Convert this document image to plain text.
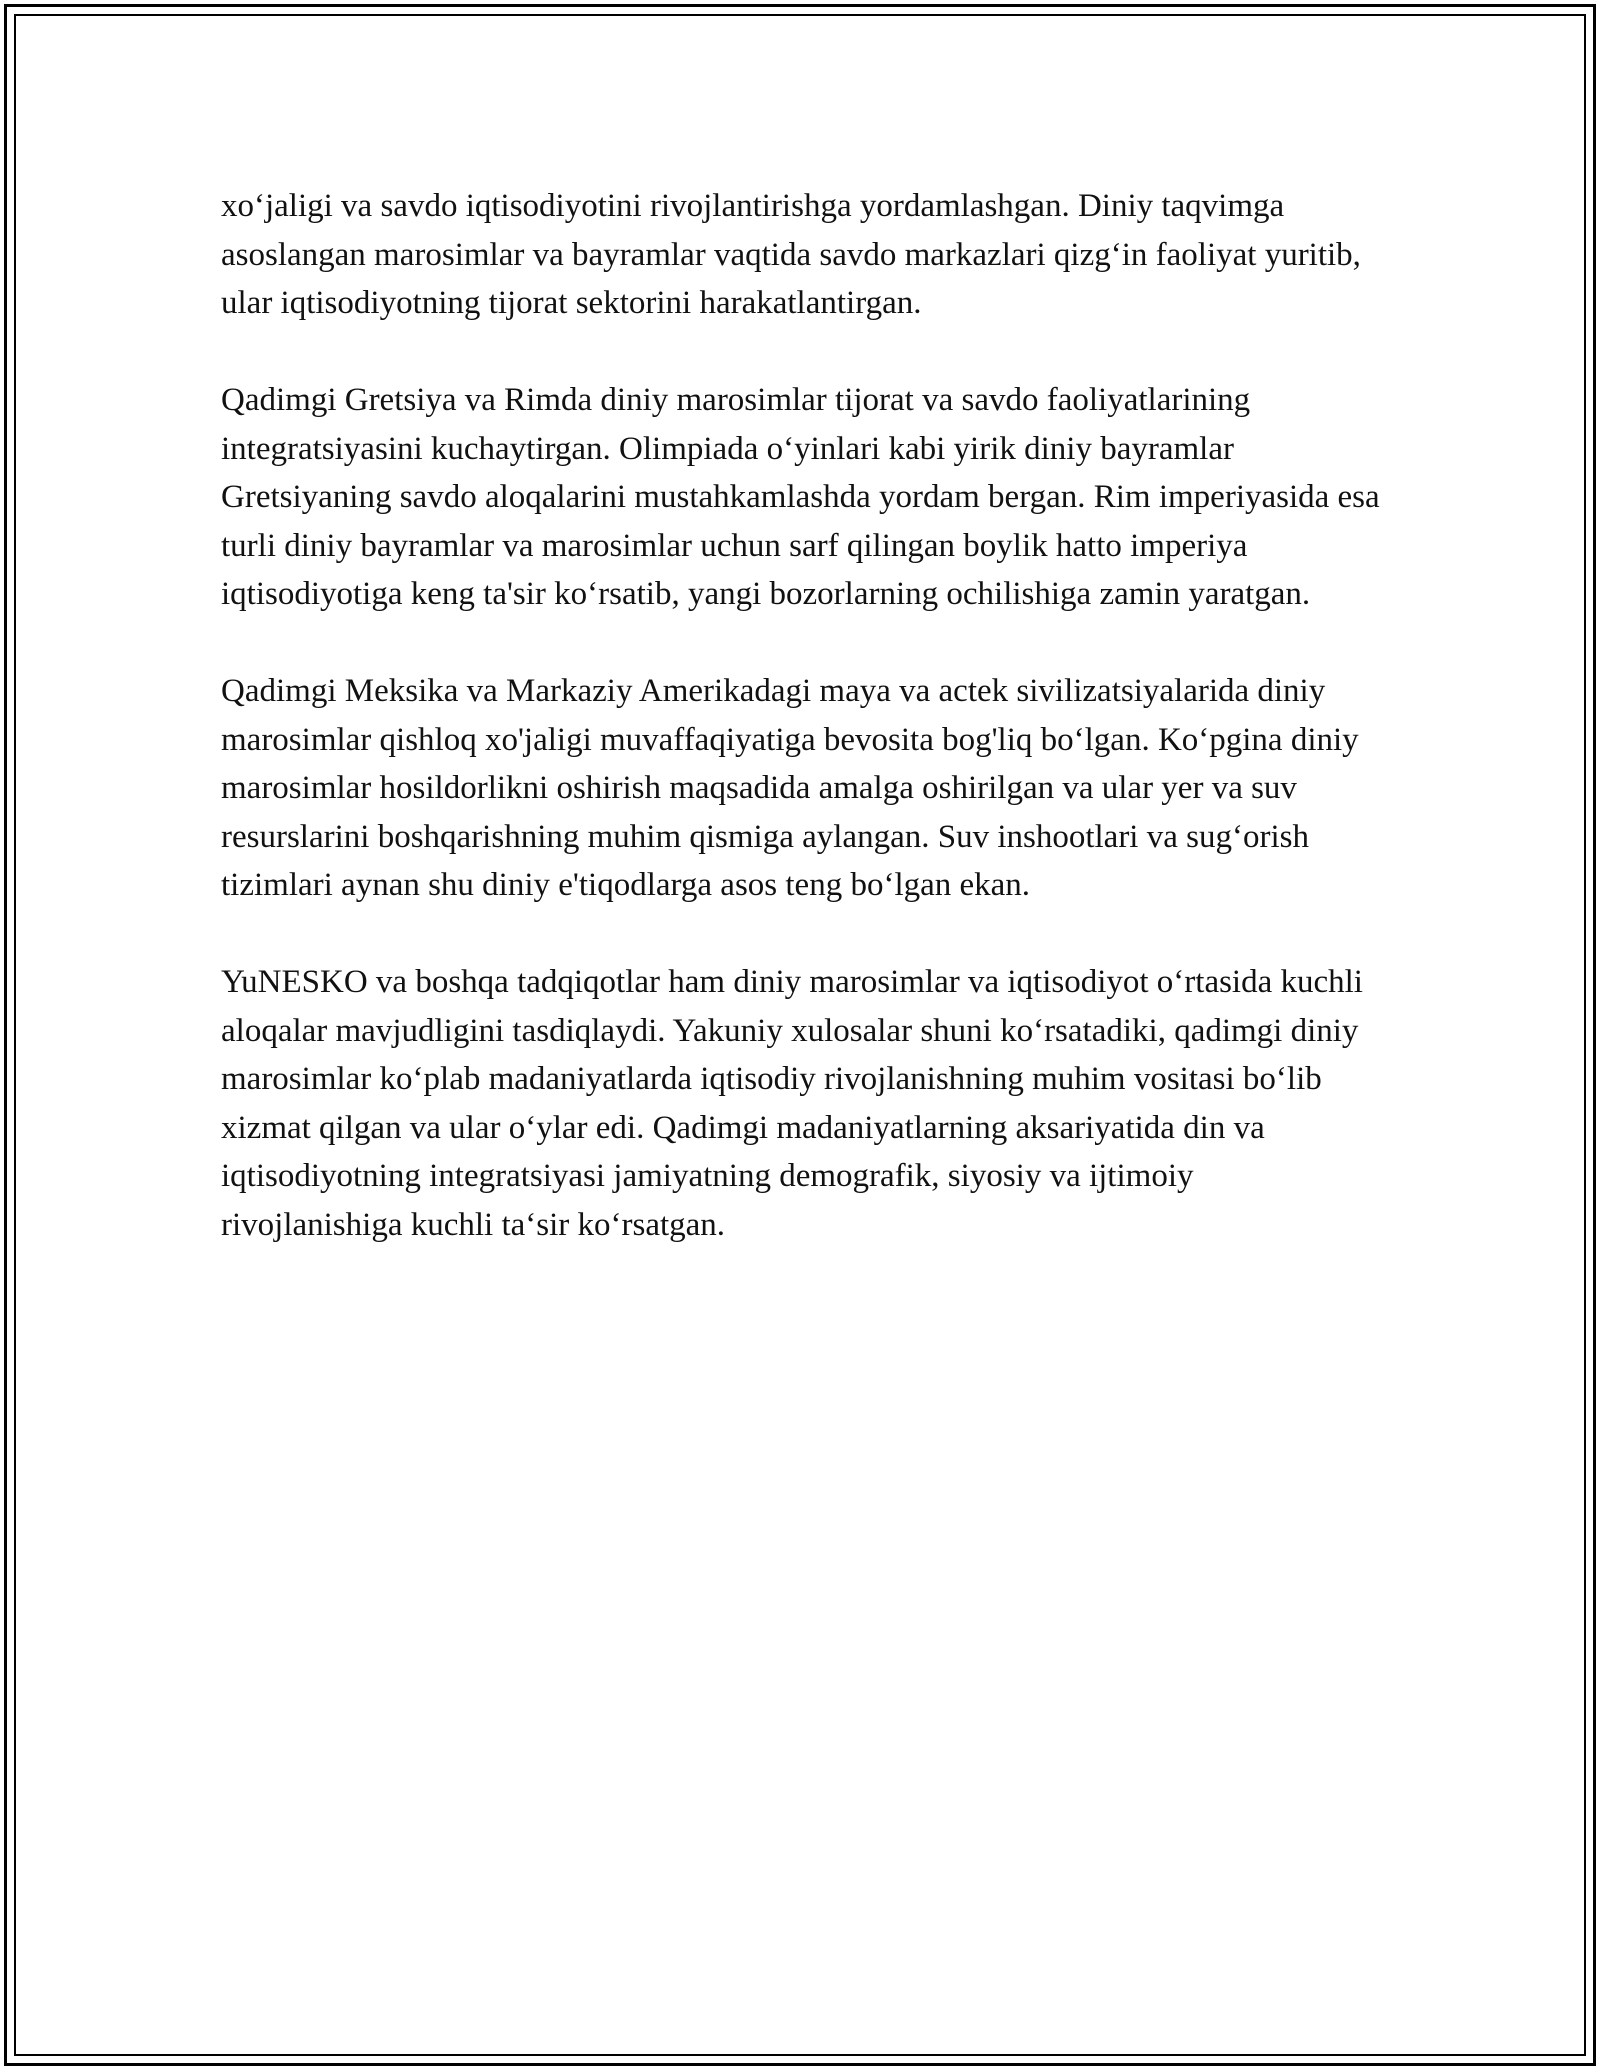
xo‘jaligi va savdo iqtisodiyotini rivojlantirishga yordamlashgan. Diniy taqvimga asoslangan marosimlar va bayramlar vaqtida savdo markazlari qizg‘in faoliyat yuritib, ular iqtisodiyotning tijorat sektorini harakatlantirgan.

Qadimgi Gretsiya va Rimda diniy marosimlar tijorat va savdo faoliyatlarining integratsiyasini kuchaytirgan. Olimpiada o‘yinlari kabi yirik diniy bayramlar Gretsiyaning savdo aloqalarini mustahkamlashda yordam bergan. Rim imperiyasida esa turli diniy bayramlar va marosimlar uchun sarf qilingan boylik hatto imperiya iqtisodiyotiga keng ta'sir ko‘rsatib, yangi bozorlarning ochilishiga zamin yaratgan.

Qadimgi Meksika va Markaziy Amerikadagi maya va actek sivilizatsiyalarida diniy marosimlar qishloq xo'jaligi muvaffaqiyatiga bevosita bog'liq bo‘lgan. Ko‘pgina diniy marosimlar hosildorlikni oshirish maqsadida amalga oshirilgan va ular yer va suv resurslarini boshqarishning muhim qismiga aylangan. Suv inshootlari va sug‘orish tizimlari aynan shu diniy e'tiqodlarga asos teng bo‘lgan ekan.

YuNESKO va boshqa tadqiqotlar ham diniy marosimlar va iqtisodiyot o‘rtasida kuchli aloqalar mavjudligini tasdiqlaydi. Yakuniy xulosalar shuni ko‘rsatadiki, qadimgi diniy marosimlar ko‘plab madaniyatlarda iqtisodiy rivojlanishning muhim vositasi bo‘lib xizmat qilgan va ular o‘ylar edi. Qadimgi madaniyatlarning aksariyatida din va iqtisodiyotning integratsiyasi jamiyatning demografik, siyosiy va ijtimoiy rivojlanishiga kuchli ta‘sir ko‘rsatgan.
